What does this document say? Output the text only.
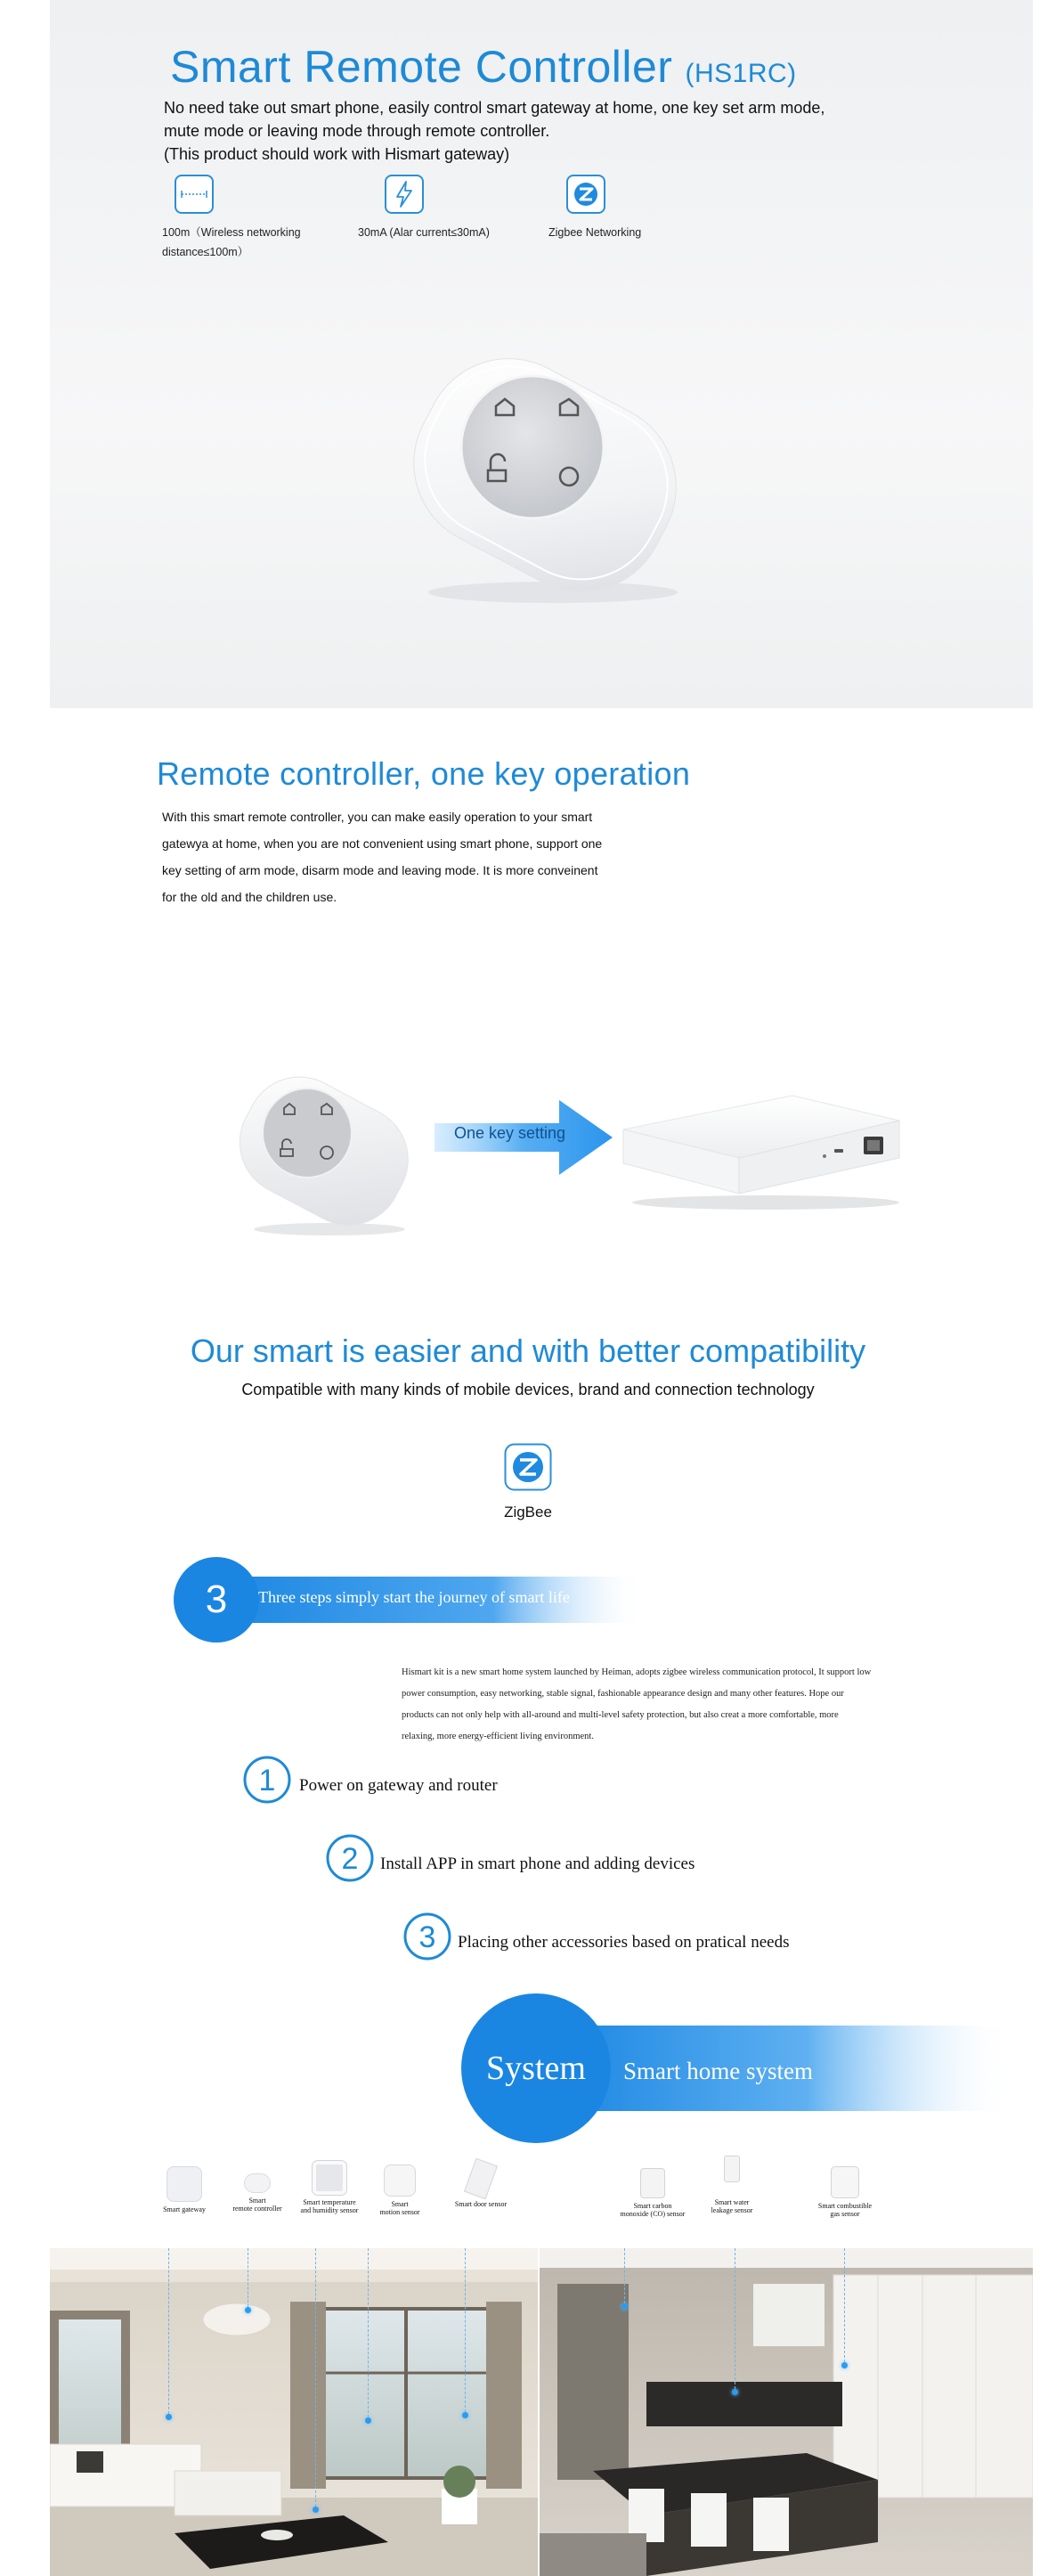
Smart Remote Controller (HS1RC)
No need take out smart phone, easily control smart gateway at home, one key set arm mode,
mute mode or leaving mode through remote controller.
(This product should work with Hismart gateway)
100m（Wireless networking
distance≤100m）
30mA (Alar current≤30mA)	Zigbee Networking
Remote controller, one key operation
With this smart remote controller, you can make easily operation to your smart
gatewya at home, when you are not convenient using smart phone, support one
key setting of arm mode, disarm mode and leaving mode. It is more conveinent
for the old and the children use.
One key setting
Our smart is easier and with better compatibility
Compatible with many kinds of mobile devices, brand and connection technology
ZigBee
3	Three steps simply start the journey of smart life
Hismart kit is a new smart home system launched by Heiman, adopts zigbee wireless communication protocol, It support low
power consumption, easy networking, stable signal, fashionable appearance design and many other features. Hope our
products can not only help with all-around and multi-level safety protection, but also creat a more comfortable, more
relaxing, more energy-efficient living environment.
1 Power on gateway and router
2 Install APP in smart phone and adding devices
3 Placing other accessories based on pratical needs
System	Smart home system
Smart gateway
Smart
remote controller
Smart temperature
and humidity sensor
Smart
motion sensor
Smart door sensor	Smart carbon
monoxide (CO) sensor
Smart water
leakage sensor
Smart combustible
gas sensor
